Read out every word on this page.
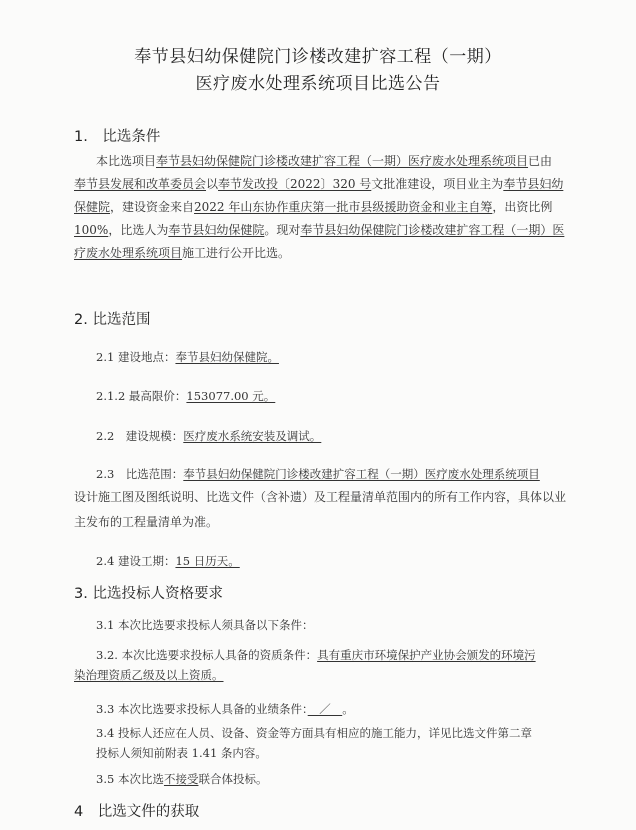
奉节县妇幼保健院门诊楼改建扩容工程（一期）
医疗废水处理系统项目比选公告
1.　比选条件
本比选项目奉节县妇幼保健院门诊楼改建扩容工程（一期）医疗废水处理系统项目已由
奉节县发展和改革委员会以奉节发改投〔2022〕320 号文批准建设，项目业主为奉节县妇幼
保健院，建设资金来自2022 年山东协作重庆第一批市县级援助资金和业主自筹，出资比例
100%，比选人为奉节县妇幼保健院。现对奉节县妇幼保健院门诊楼改建扩容工程（一期）医
疗废水处理系统项目施工进行公开比选。
2. 比选范围
2.1 建设地点：奉节县妇幼保健院。
2.1.2 最高限价：153077.00 元。
2.2　建设规模：医疗废水系统安装及调试。
2.3　比选范围：奉节县妇幼保健院门诊楼改建扩容工程（一期）医疗废水处理系统项目
设计施工图及图纸说明、比选文件（含补遗）及工程量清单范围内的所有工作内容，具体以业
主发布的工程量清单为准。
2.4 建设工期：15 日历天。
3. 比选投标人资格要求
3.1 本次比选要求投标人须具备以下条件：
3.2. 本次比选要求投标人具备的资质条件：具有重庆市环境保护产业协会颁发的环境污
染治理资质乙级及以上资质。
3.3 本次比选要求投标人具备的业绩条件：　／　。
3.4 投标人还应在人员、设备、资金等方面具有相应的施工能力，详见比选文件第二章
投标人须知前附表 1.41 条内容。
3.5 本次比选不接受联合体投标。
4　比选文件的获取
